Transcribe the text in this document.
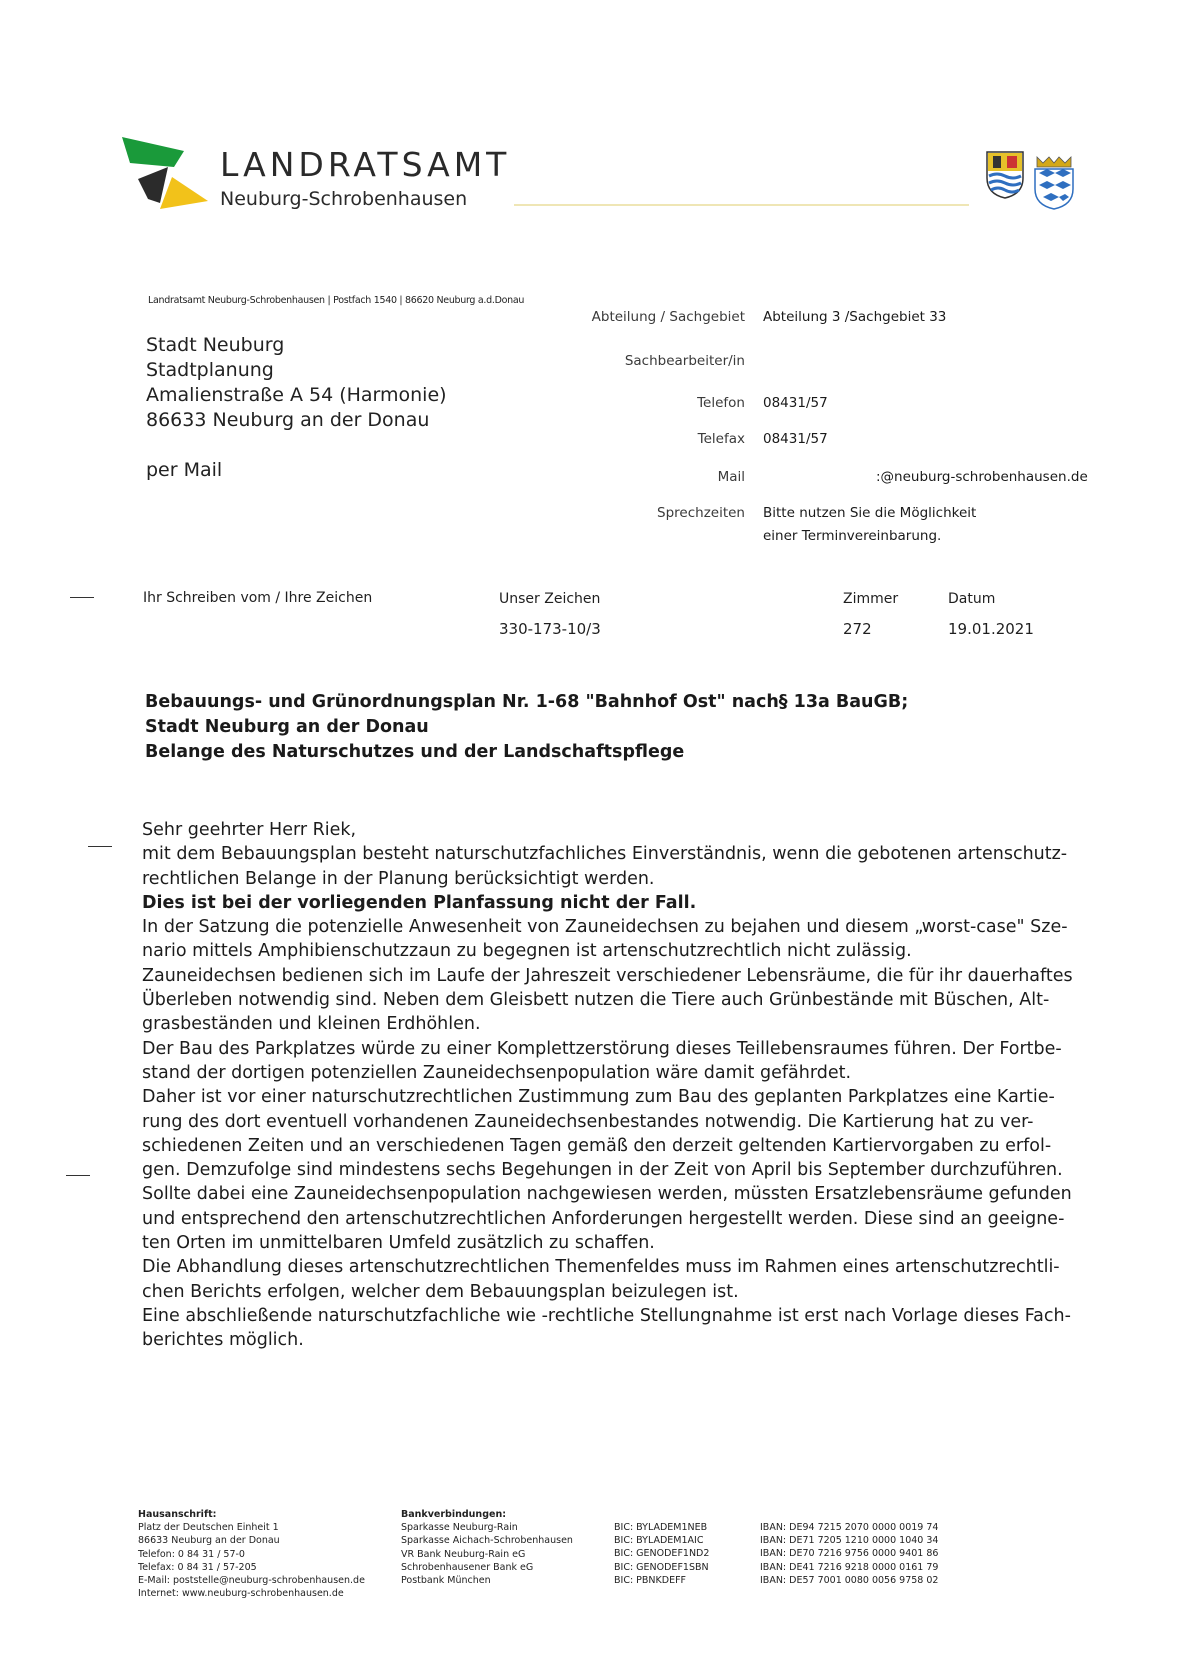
LANDRATSAMT
Neuburg-Schrobenhausen
Landratsamt Neuburg-Schrobenhausen | Postfach 1540 | 86620 Neuburg a.d.Donau
Stadt Neuburg
Stadtplanung
Amalienstraße A 54 (Harmonie)
86633 Neuburg an der Donau
per Mail
Abteilung / Sachgebiet Abteilung 3 /Sachgebiet 33
Sachbearbeiter/in
Telefon 08431/57
Telefax 08431/57
Mail	:@neuburg-schrobenhausen.de
Sprechzeiten Bitte nutzen Sie die Möglichkeit
einer Terminvereinbarung.
Ihr Schreiben vom / Ihre Zeichen	Unser Zeichen
330-173-10/3
Zimmer
272
Datum
19.01.2021
Bebauungs- und Grünordnungsplan Nr. 1-68 "Bahnhof Ost" nach§ 13a BauGB;
Stadt Neuburg an der Donau
Belange des Naturschutzes und der Landschaftspflege
Sehr geehrter Herr Riek,
mit dem Bebauungsplan besteht naturschutzfachliches Einverständnis, wenn die gebotenen artenschutz-
rechtlichen Belange in der Planung berücksichtigt werden.
Dies ist bei der vorliegenden Planfassung nicht der Fall.
In der Satzung die potenzielle Anwesenheit von Zauneidechsen zu bejahen und diesem „worst-case" Sze-
nario mittels Amphibienschutzzaun zu begegnen ist artenschutzrechtlich nicht zulässig.
Zauneidechsen bedienen sich im Laufe der Jahreszeit verschiedener Lebensräume, die für ihr dauerhaftes
Überleben notwendig sind. Neben dem Gleisbett nutzen die Tiere auch Grünbestände mit Büschen, Alt-
grasbeständen und kleinen Erdhöhlen.
Der Bau des Parkplatzes würde zu einer Komplettzerstörung dieses Teillebensraumes führen. Der Fortbe-
stand der dortigen potenziellen Zauneidechsenpopulation wäre damit gefährdet.
Daher ist vor einer naturschutzrechtlichen Zustimmung zum Bau des geplanten Parkplatzes eine Kartie-
rung des dort eventuell vorhandenen Zauneidechsenbestandes notwendig. Die Kartierung hat zu ver-
schiedenen Zeiten und an verschiedenen Tagen gemäß den derzeit geltenden Kartiervorgaben zu erfol-
gen. Demzufolge sind mindestens sechs Begehungen in der Zeit von April bis September durchzuführen.
Sollte dabei eine Zauneidechsenpopulation nachgewiesen werden, müssten Ersatzlebensräume gefunden
und entsprechend den artenschutzrechtlichen Anforderungen hergestellt werden. Diese sind an geeigne-
ten Orten im unmittelbaren Umfeld zusätzlich zu schaffen.
Die Abhandlung dieses artenschutzrechtlichen Themenfeldes muss im Rahmen eines artenschutzrechtli-
chen Berichts erfolgen, welcher dem Bebauungsplan beizulegen ist.
Eine abschließende naturschutzfachliche wie -rechtliche Stellungnahme ist erst nach Vorlage dieses Fach-
berichtes möglich.
Hausanschrift:
Platz der Deutschen Einheit 1
86633 Neuburg an der Donau
Telefon: 0 84 31 / 57-0
Telefax: 0 84 31 / 57-205
E-Mail: poststelle@neuburg-schrobenhausen.de
Internet: www.neuburg-schrobenhausen.de
Bankverbindungen:
Sparkasse Neuburg-Rain
Sparkasse Aichach-Schrobenhausen
VR Bank Neuburg-Rain eG
Schrobenhausener Bank eG
Postbank München
BIC: BYLADEM1NEB
BIC: BYLADEM1AIC
BIC: GENODEF1ND2
BIC: GENODEF1SBN
BIC: PBNKDEFF
IBAN: DE94 7215 2070 0000 0019 74
IBAN: DE71 7205 1210 0000 1040 34
IBAN: DE70 7216 9756 0000 9401 86
IBAN: DE41 7216 9218 0000 0161 79
IBAN: DE57 7001 0080 0056 9758 02
